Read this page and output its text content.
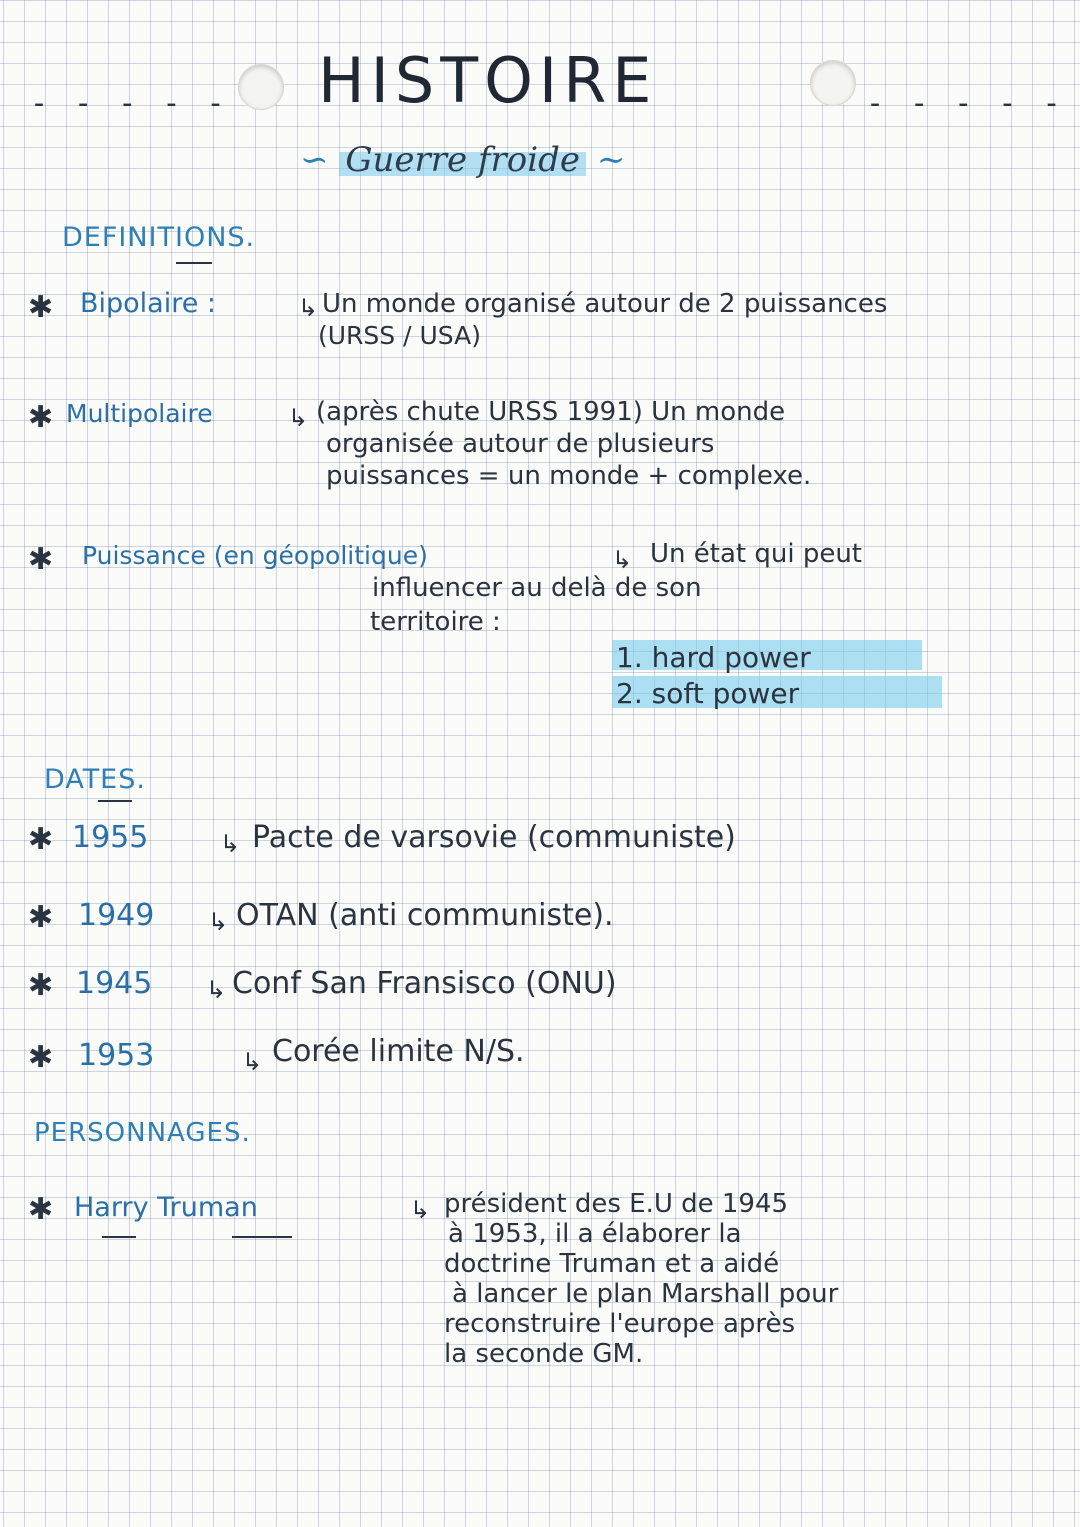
- - - - - HISTOIRE	- - - - -
∽ Guerre froide ∼
DEFINITIONS.
✱ Bipolaire :	↳ Un monde organisé autour de 2 puissances
(URSS / USA)
✱ Multipolaire	↳ (après chute URSS 1991) Un monde
organisée autour de plusieurs
puissances = un monde + complexe.
✱ Puissance (en géopolitique)	↳ Un état qui peut
influencer au delà de son
territoire :
1. hard power
2. soft power
DATES.
✱ 1955	↳ Pacte de varsovie (communiste)
✱ 1949 ↳ OTAN (anti communiste).
✱ 1945 ↳ Conf San Fransisco (ONU)
✱ 1953	↳ Corée limite N/S.
PERSONNAGES.
✱ Harry Truman	↳ président des E.U de 1945
à 1953, il a élaborer la
doctrine Truman et a aidé
à lancer le plan Marshall pour
reconstruire l'europe après
la seconde GM.
